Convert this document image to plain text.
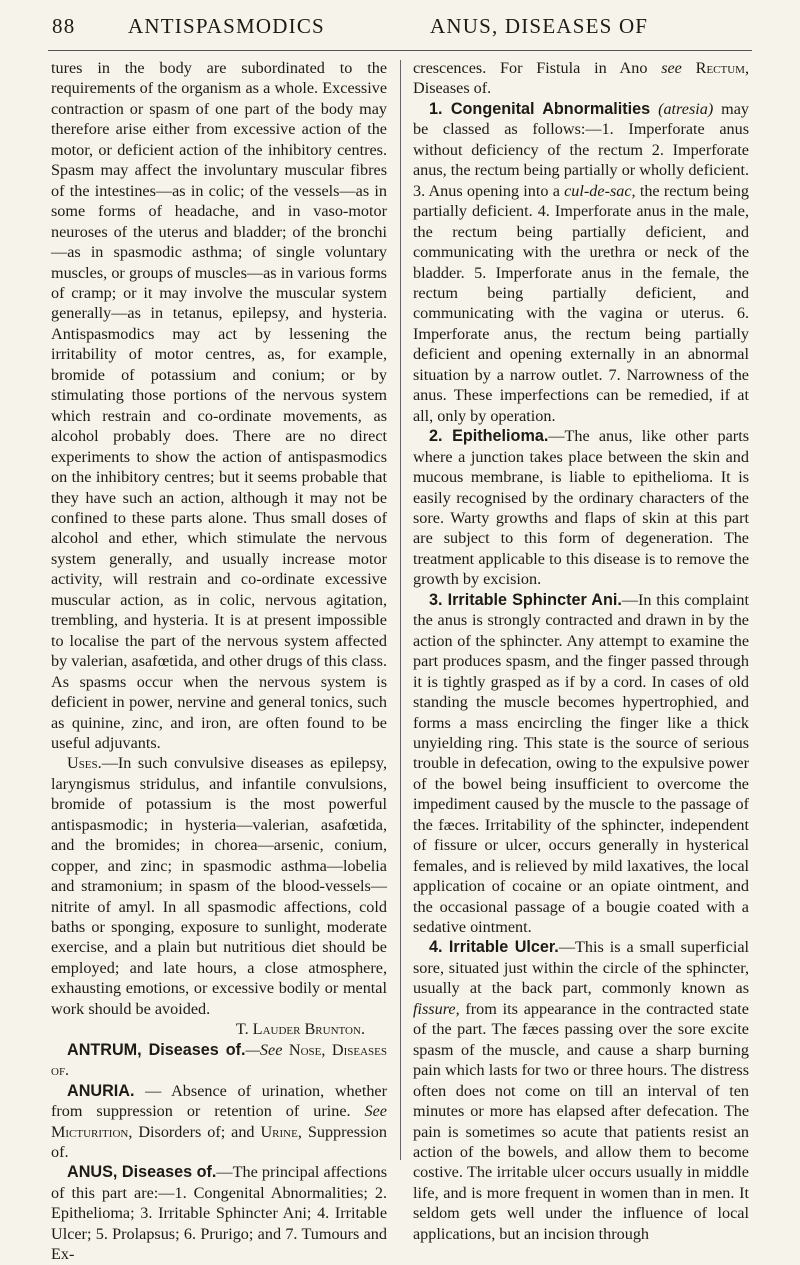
88	ANTISPASMODICS	ANUS, DISEASES OF

tures in the body are subordinated to the requirements of the organism as a whole. Excessive contraction or spasm of one part of the body may therefore arise either from excessive action of the motor, or deficient action of the inhibitory centres. Spasm may affect the involuntary muscular fibres of the intestines—as in colic; of the vessels—as in some forms of headache, and in vaso-motor neuroses of the uterus and bladder; of the bronchi—as in spasmodic asthma; of single voluntary muscles, or groups of muscles—as in various forms of cramp; or it may involve the muscular system generally—as in tetanus, epilepsy, and hysteria. Antispasmodics may act by lessening the irritability of motor centres, as, for example, bromide of potassium and conium; or by stimulating those portions of the nervous system which restrain and co-ordinate movements, as alcohol probably does. There are no direct experiments to show the action of antispasmodics on the inhibitory centres; but it seems probable that they have such an action, although it may not be confined to these parts alone. Thus small doses of alcohol and ether, which stimulate the nervous system generally, and usually increase motor activity, will restrain and co-ordinate excessive muscular action, as in colic, nervous agitation, trembling, and hysteria. It is at present impossible to localise the part of the nervous system affected by valerian, asafœtida, and other drugs of this class. As spasms occur when the nervous system is deficient in power, nervine and general tonics, such as quinine, zinc, and iron, are often found to be useful adjuvants.

Uses.—In such convulsive diseases as epilepsy, laryngismus stridulus, and infantile convulsions, bromide of potassium is the most powerful antispasmodic; in hysteria—valerian, asafœtida, and the bromides; in chorea—arsenic, conium, copper, and zinc; in spasmodic asthma—lobelia and stramonium; in spasm of the blood-vessels—nitrite of amyl. In all spasmodic affections, cold baths or sponging, exposure to sunlight, moderate exercise, and a plain but nutritious diet should be employed; and late hours, a close atmosphere, exhausting emotions, or excessive bodily or mental work should be avoided.

T. Lauder Brunton.

ANTRUM, Diseases of.—See Nose, Diseases of.

ANURIA. — Absence of urination, whether from suppression or retention of urine. See Micturition, Disorders of; and Urine, Suppression of.

ANUS, Diseases of.—The principal affections of this part are:—1. Congenital Abnormalities; 2. Epithelioma; 3. Irritable Sphincter Ani; 4. Irritable Ulcer; 5. Prolapsus; 6. Prurigo; and 7. Tumours and Ex-

crescences. For Fistula in Ano see Rectum, Diseases of.

1. Congenital Abnormalities (atresia) may be classed as follows:—1. Imperforate anus without deficiency of the rectum 2. Imperforate anus, the rectum being partially or wholly deficient. 3. Anus opening into a cul-de-sac, the rectum being partially deficient. 4. Imperforate anus in the male, the rectum being partially deficient, and communicating with the urethra or neck of the bladder. 5. Imperforate anus in the female, the rectum being partially deficient, and communicating with the vagina or uterus. 6. Imperforate anus, the rectum being partially deficient and opening externally in an abnormal situation by a narrow outlet. 7. Narrowness of the anus. These imperfections can be remedied, if at all, only by operation.

2. Epithelioma.—The anus, like other parts where a junction takes place between the skin and mucous membrane, is liable to epithelioma. It is easily recognised by the ordinary characters of the sore. Warty growths and flaps of skin at this part are subject to this form of degeneration. The treatment applicable to this disease is to remove the growth by excision.

3. Irritable Sphincter Ani.—In this complaint the anus is strongly contracted and drawn in by the action of the sphincter. Any attempt to examine the part produces spasm, and the finger passed through it is tightly grasped as if by a cord. In cases of old standing the muscle becomes hypertrophied, and forms a mass encircling the finger like a thick unyielding ring. This state is the source of serious trouble in defecation, owing to the expulsive power of the bowel being insufficient to overcome the impediment caused by the muscle to the passage of the fæces. Irritability of the sphincter, independent of fissure or ulcer, occurs generally in hysterical females, and is relieved by mild laxatives, the local application of cocaine or an opiate ointment, and the occasional passage of a bougie coated with a sedative ointment.

4. Irritable Ulcer.—This is a small superficial sore, situated just within the circle of the sphincter, usually at the back part, commonly known as fissure, from its appearance in the contracted state of the part. The fæces passing over the sore excite spasm of the muscle, and cause a sharp burning pain which lasts for two or three hours. The distress often does not come on till an interval of ten minutes or more has elapsed after defecation. The pain is sometimes so acute that patients resist an action of the bowels, and allow them to become costive. The irritable ulcer occurs usually in middle life, and is more frequent in women than in men. It seldom gets well under the influence of local applications, but an incision through
